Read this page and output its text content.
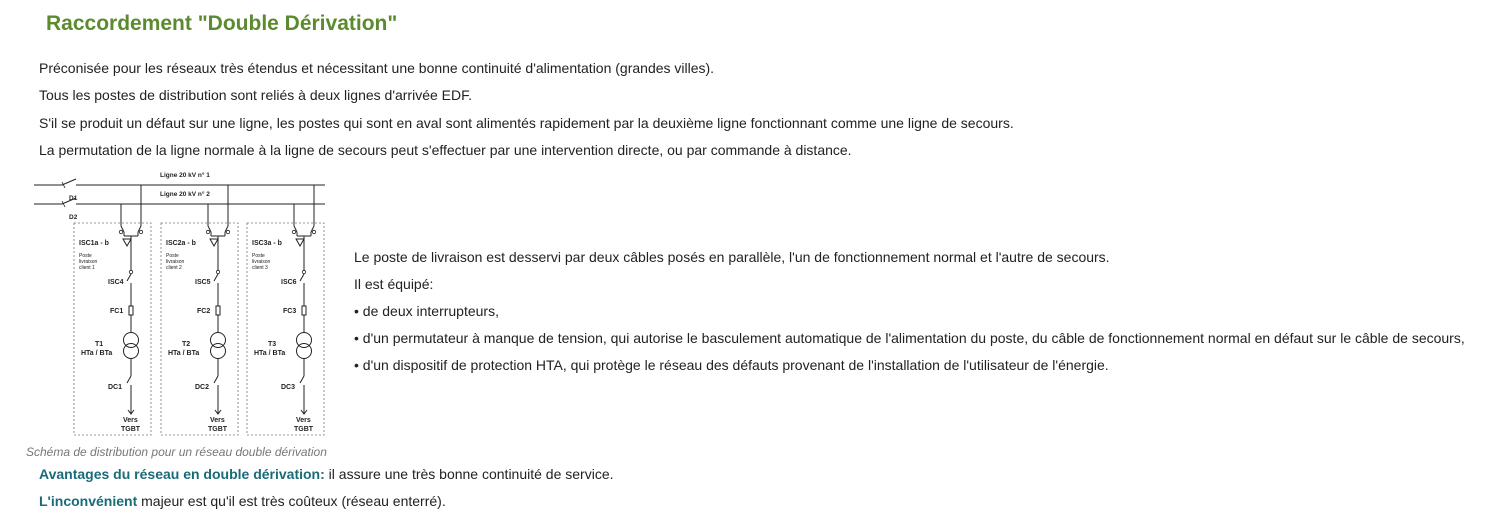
Raccordement "Double Dérivation"

Préconisée pour les réseaux très étendus et nécessitant une bonne continuité d'alimentation (grandes villes).

Tous les postes de distribution sont reliés à deux lignes d'arrivée EDF.

S'il se produit un défaut sur une ligne, les postes qui sont en aval sont alimentés rapidement par la deuxième ligne fonctionnant comme une ligne de secours.

La permutation de la ligne normale à la ligne de secours peut s'effectuer par une intervention directe, ou par commande à distance.

Ligne 20 kV n° 1
Ligne 20 kV n° 2
D1
D2
ISC1a - b
Poste
livraison
client 1
ISC4
FC1
T1
HTa / BTa
DC1
Vers
TGBT
ISC2a - b
Poste
livraison
client 2
ISC5
FC2
T2
HTa / BTa
DC2
Vers
TGBT
ISC3a - b
Poste
livraison
client 3
ISC6
FC3
T3
HTa / BTa
DC3
Vers
TGBT

Schéma de distribution pour un réseau double dérivation

Le poste de livraison est desservi par deux câbles posés en parallèle, l'un de fonctionnement normal et l'autre de secours.

Il est équipé:

• de deux interrupteurs,

• d'un permutateur à manque de tension, qui autorise le basculement automatique de l'alimentation du poste, du câble de fonctionnement normal en défaut sur le câble de secours,

• d'un dispositif de protection HTA, qui protège le réseau des défauts provenant de l'installation de l'utilisateur de l'énergie.

Avantages du réseau en double dérivation: il assure une très bonne continuité de service.

L'inconvénient majeur est qu'il est très coûteux (réseau enterré).
